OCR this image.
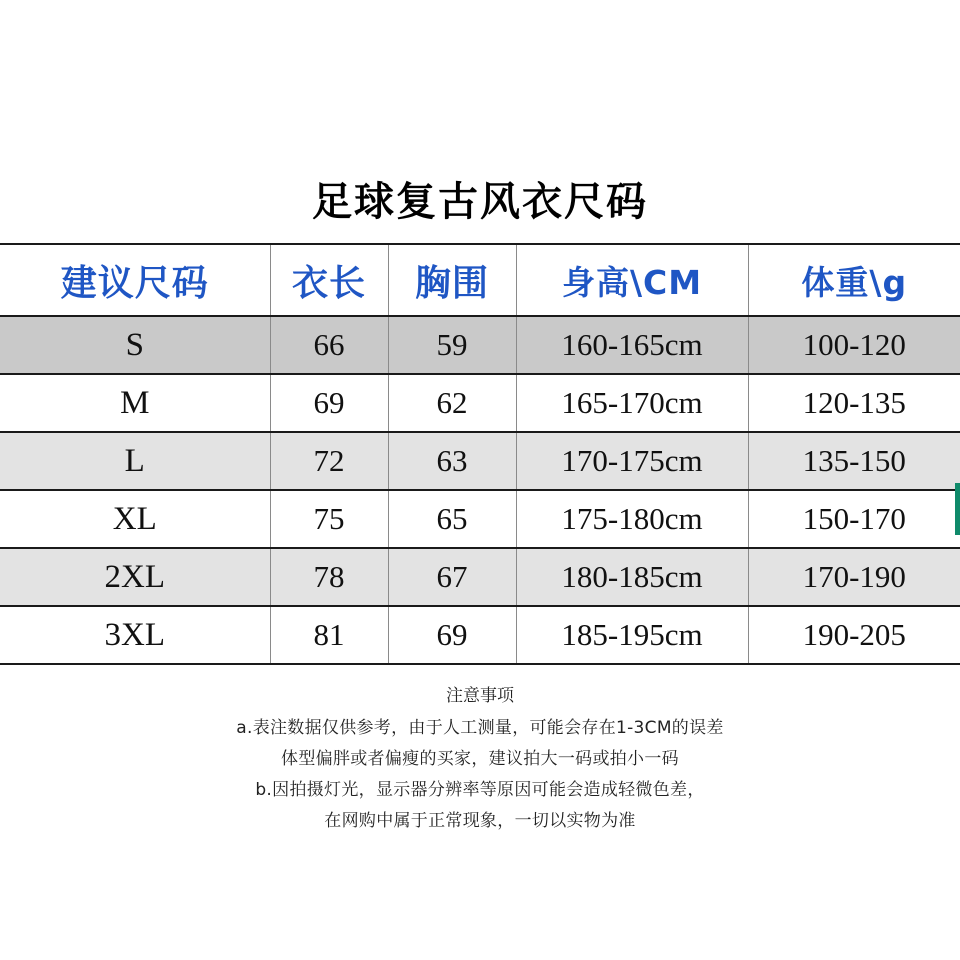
足球复古风衣尺码
建议尺码	衣长	胸围	身高\CM	体重\g
S	66	59	160-165cm	100-120
M	69	62	165-170cm	120-135
L	72	63	170-175cm	135-150
XL	75	65	175-180cm	150-170
2XL	78	67	180-185cm	170-190
3XL	81	69	185-195cm	190-205
注意事项
a.表注数据仅供参考，由于人工测量，可能会存在1-3CM的误差
体型偏胖或者偏瘦的买家，建议拍大一码或拍小一码
b.因拍摄灯光，显示器分辨率等原因可能会造成轻微色差，
在网购中属于正常现象，一切以实物为准
